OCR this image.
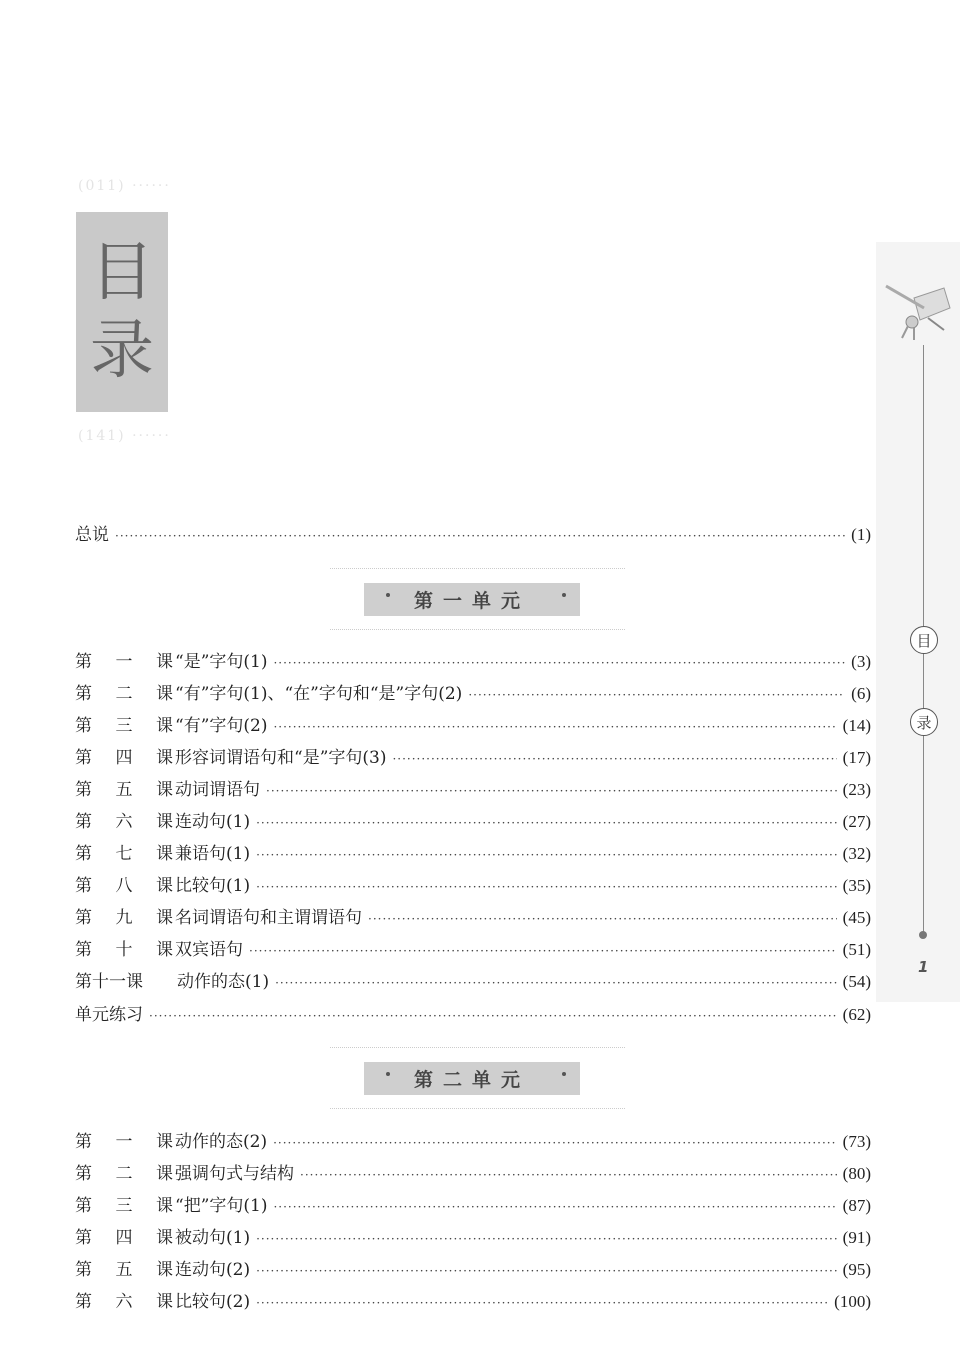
(011) ······
(141) ······
目
录
目
录
1
总说 ·····	(1)
第一单元
第 一 课 “是”字句(1) ·····	(3)
第 二 课 “有”字句(1)、“在”字句和“是”字句(2) ·····	(6)
第 三 课 “有”字句(2) ·····	(14)
第 四 课 形容词谓语句和“是”字句(3) ·····	(17)
第 五 课 动词谓语句 ·····	(23)
第 六 课 连动句(1) ·····	(27)
第 七 课 兼语句(1) ·····	(32)
第 八 课 比较句(1) ·····	(35)
第 九 课 名词谓语句和主谓谓语句 ·····	(45)
第 十 课 双宾语句 ·····	(51)
第十一课 动作的态(1) ·····	(54)
单元练习 ·····	(62)
第二单元
第 一 课 动作的态(2) ·····	(73)
第 二 课 强调句式与结构 ·····	(80)
第 三 课 “把”字句(1) ·····	(87)
第 四 课 被动句(1) ·····	(91)
第 五 课 连动句(2) ·····	(95)
第 六 课 比较句(2) ·····	(100)
